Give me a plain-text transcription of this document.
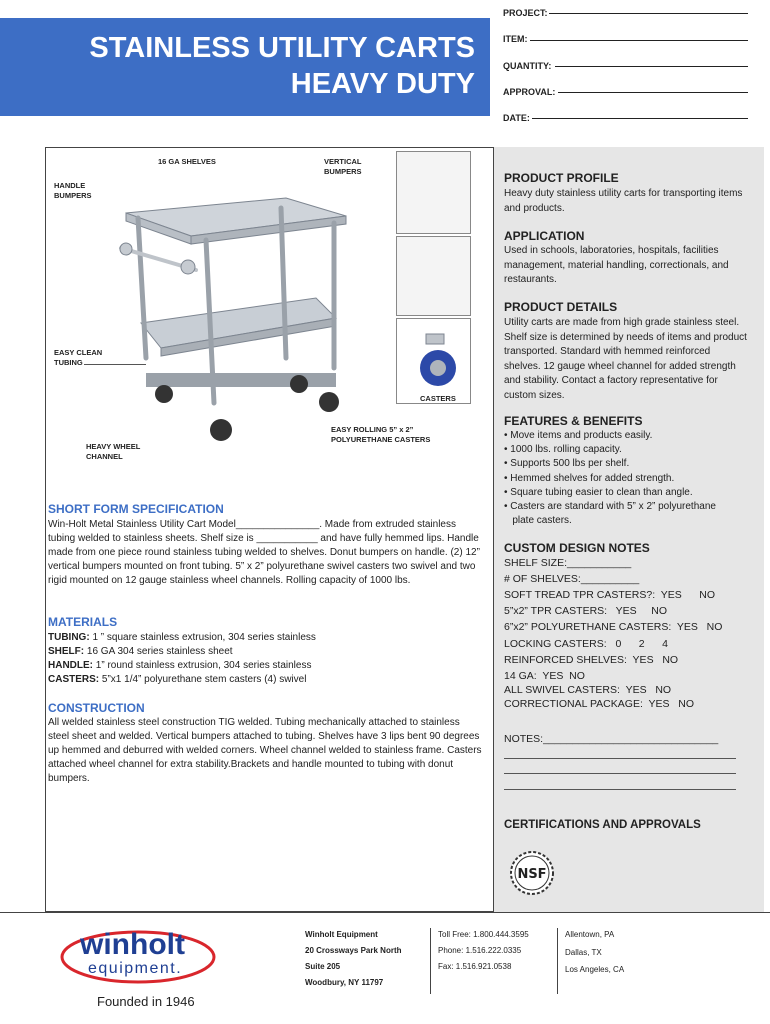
STAINLESS UTILITY CARTS
HEAVY DUTY
PROJECT:
ITEM:
QUANTITY:
APPROVAL:
DATE:
16 GA SHELVES	VERTICAL BUMPERS
HANDLE BUMPERS
EASY CLEAN TUBING
CASTERS
EASY ROLLING 5” x 2” POLYURETHANE CASTERS
HEAVY WHEEL CHANNEL
SHORT FORM SPECIFICATION
Win-Holt Metal Stainless Utility Cart Model_______________. Made from extruded stainless tubing welded to stainless sheets. Shelf size is ___________ and have fully hemmed lips. Handle made from one piece round stainless tubing welded to shelves. Donut bumpers on handle. (2) 12” vertical bumpers mounted on front tubing. 5” x 2” polyurethane swivel casters two swivel and two rigid mounted on 12 gauge stainless wheel channels. Rolling capacity of 1000 lbs.
MATERIALS
TUBING: 1 ” square stainless extrusion, 304 series stainless
SHELF: 16 GA 304 series stainless sheet
HANDLE: 1” round stainless extrusion, 304 series stainless
CASTERS: 5”x1 1/4” polyurethane stem casters (4) swivel
CONSTRUCTION
All welded stainless steel construction TIG welded. Tubing mechanically attached to stainless steel sheet and welded. Vertical bumpers attached to tubing. Shelves have 3 lips bent 90 degrees up hemmed and deburred with welded corners. Wheel channel welded to stainless frame. Casters attached wheel channel for extra stability.Brackets and handle mounted to tubing with donut bumpers.
PRODUCT PROFILE
Heavy duty stainless utility carts for transporting items and products.
APPLICATION
Used in schools, laboratories, hospitals, facilities management, material handling, correctionals, and restaurants.
PRODUCT DETAILS
Utility carts are made from high grade stainless steel. Shelf size is determined by needs of items and product transported. Standard with hemmed reinforced shelves. 12 gauge wheel channel for added strength and stability. Contact a factory representative for custom sizes.
FEATURES & BENEFITS
• Move items and products easily.
• 1000 lbs. rolling capacity.
• Supports 500 lbs per shelf.
• Hemmed shelves for added strength.
• Square tubing easier to clean than angle.
• Casters are standard with 5” x 2” polyurethane
plate casters.
CUSTOM DESIGN NOTES
SHELF SIZE:___________
# OF SHELVES:__________
SOFT TREAD TPR CASTERS?:  YES      NO
5”x2” TPR CASTERS:   YES     NO
6”x2” POLYURETHANE CASTERS:  YES   NO
LOCKING CASTERS:   0      2      4
REINFORCED SHELVES:  YES   NO
14 GA:  YES  NO
ALL SWIVEL CASTERS:  YES   NO
CORRECTIONAL PACKAGE:  YES   NO
NOTES:______________________________
CERTIFICATIONS AND APPROVALS
NSF
winholt
equipment.
Founded in 1946
Winholt Equipment
20 Crossways Park North
Suite 205
Woodbury, NY 11797
Toll Free: 1.800.444.3595
Phone: 1.516.222.0335
Fax: 1.516.921.0538
Allentown, PA
Dallas, TX
Los Angeles, CA
